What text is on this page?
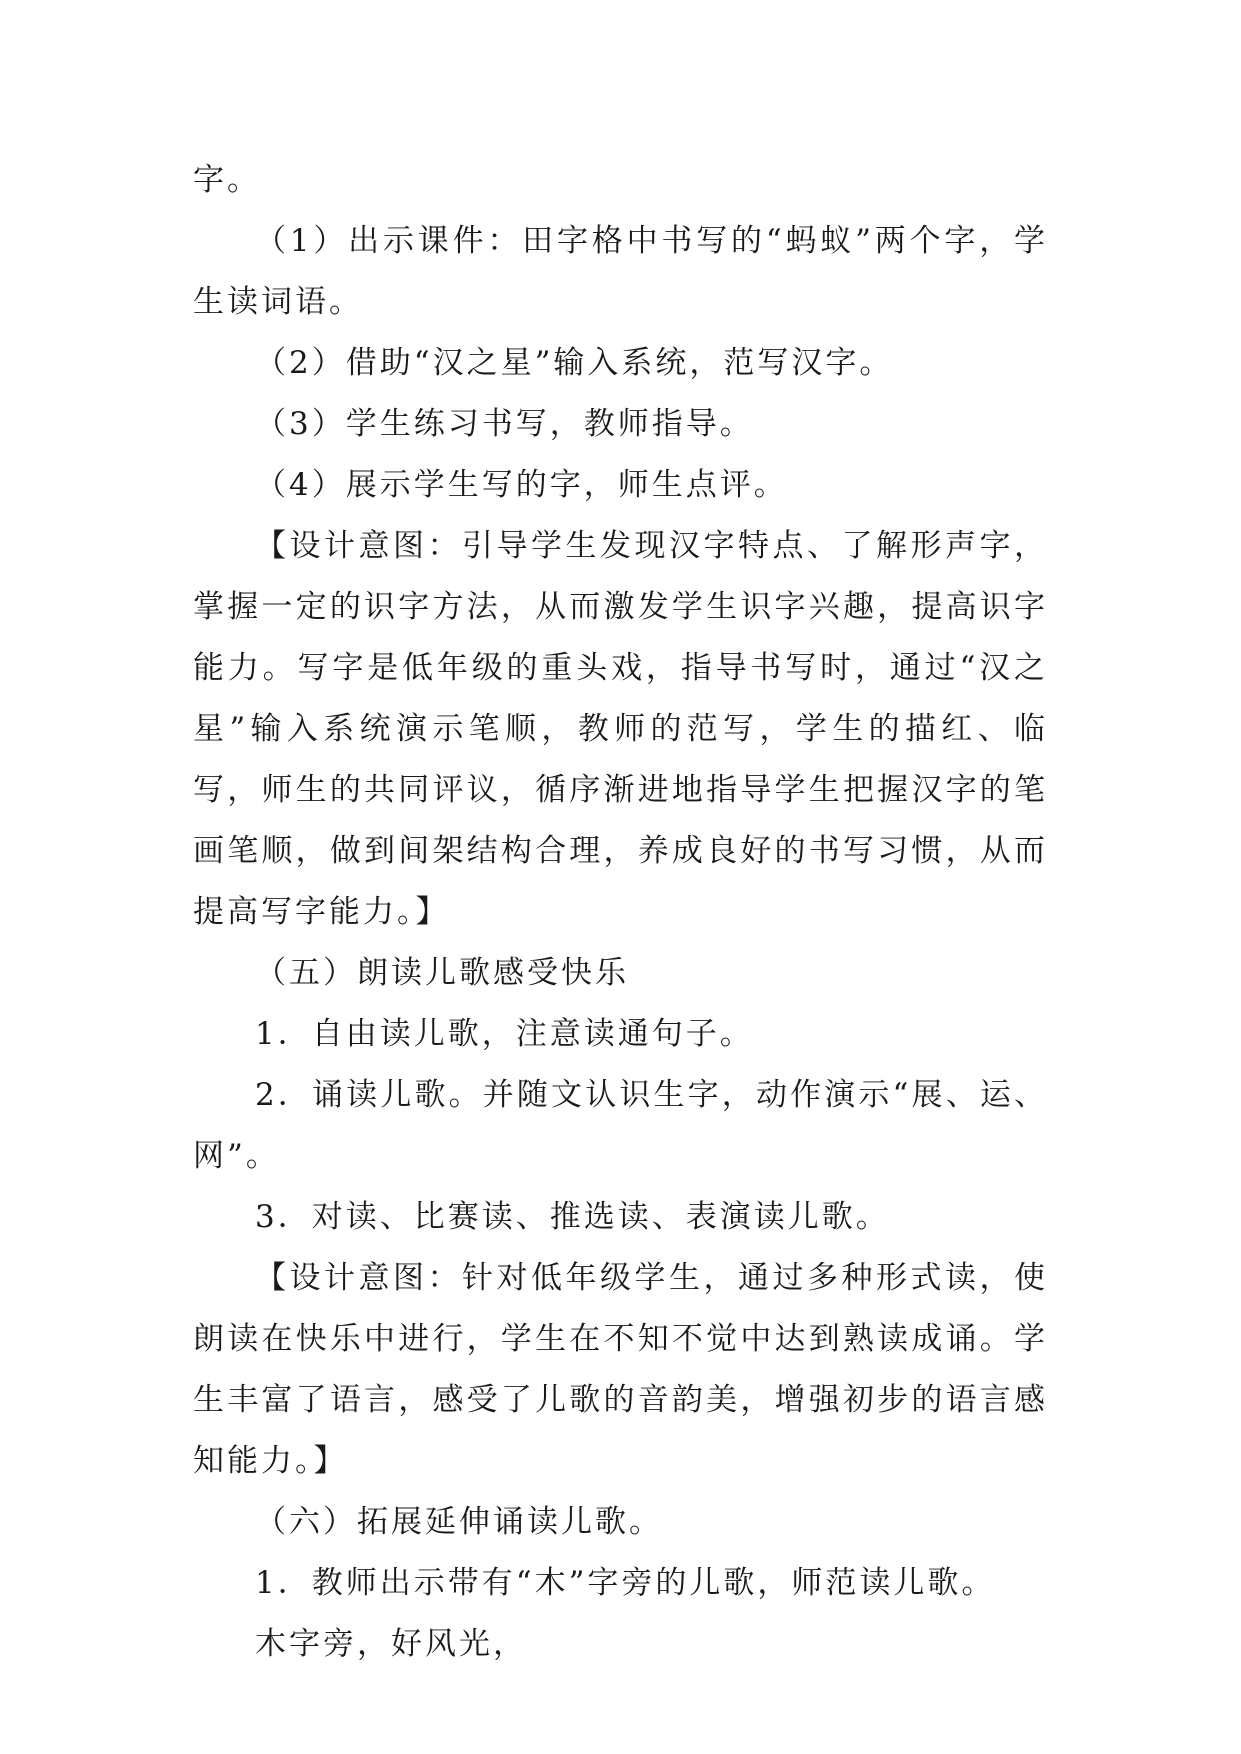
字。

（1）出示课件：田字格中书写的“蚂蚁”两个字，学生读词语。

（2）借助“汉之星”输入系统，范写汉字。

（3）学生练习书写，教师指导。

（4）展示学生写的字，师生点评。

【设计意图：引导学生发现汉字特点、了解形声字，掌握一定的识字方法，从而激发学生识字兴趣，提高识字能力。写字是低年级的重头戏，指导书写时，通过“汉之星”输入系统演示笔顺，教师的范写，学生的描红、临写，师生的共同评议，循序渐进地指导学生把握汉字的笔画笔顺，做到间架结构合理，养成良好的书写习惯，从而提高写字能力。】

（五）朗读儿歌感受快乐

1．自由读儿歌，注意读通句子。

2．诵读儿歌。并随文认识生字，动作演示“展、运、网”。

3．对读、比赛读、推选读、表演读儿歌。

【设计意图：针对低年级学生，通过多种形式读，使朗读在快乐中进行，学生在不知不觉中达到熟读成诵。学生丰富了语言，感受了儿歌的音韵美，增强初步的语言感知能力。】

（六）拓展延伸诵读儿歌。

1．教师出示带有“木”字旁的儿歌，师范读儿歌。

木字旁，好风光，
